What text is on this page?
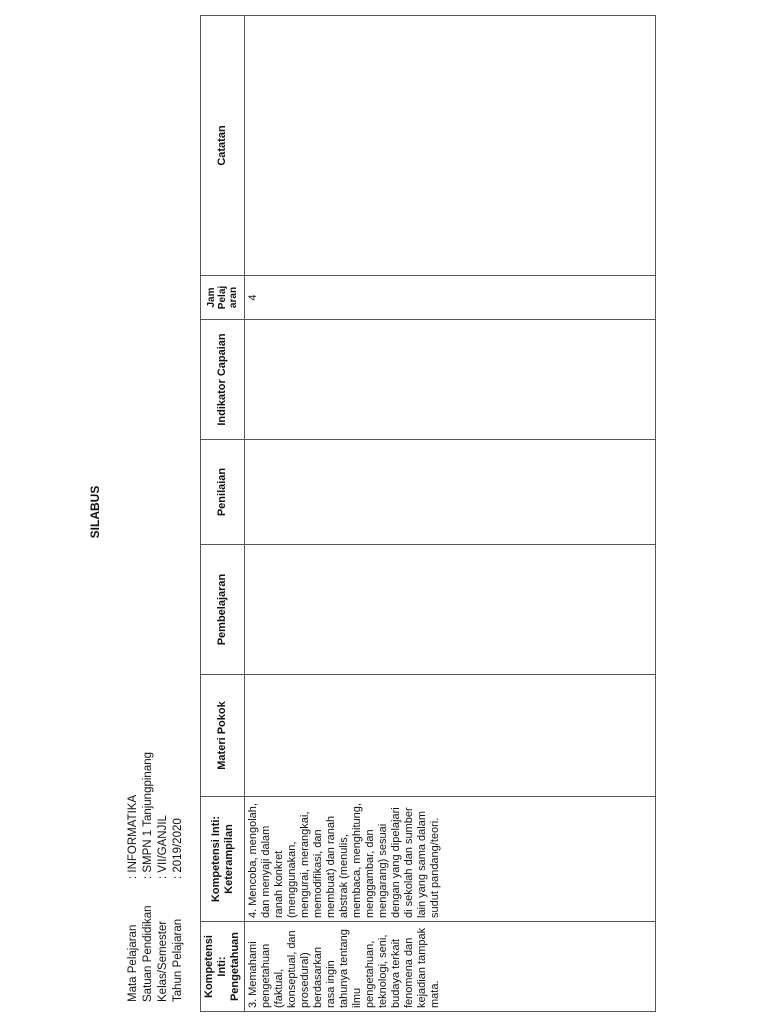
SILABUS
Mata Pelajaran
: INFORMATIKA
Satuan Pendidikan
: SMPN 1 Tanjungpinang
Kelas/Semester
: VII/GANJIL
Tahun Pelajaran
: 2019/2020
Kompetensi Inti: Pengetahuan	Kompetensi Inti: Keterampilan	Materi Pokok	Pembelajaran	Penilaian	Indikator Capaian	Jam Pelaj aran	Catatan
3. Memahami pengetahuan (faktual, konseptual, dan prosedural) berdasarkan rasa ingin tahunya tentang ilmu pengetahuan, teknologi, seni, budaya terkait fenomena dan kejadian tampak mata.	4. Mencoba, mengolah, dan menyaji dalam ranah konkret (menggunakan, mengurai, merangkai, memodifikasi, dan membuat) dan ranah abstrak (menulis, membaca, menghitung, menggambar, dan mengarang) sesuai dengan yang dipelajari di sekolah dan sumber lain yang sama dalam sudut pandang/teori.					4	
